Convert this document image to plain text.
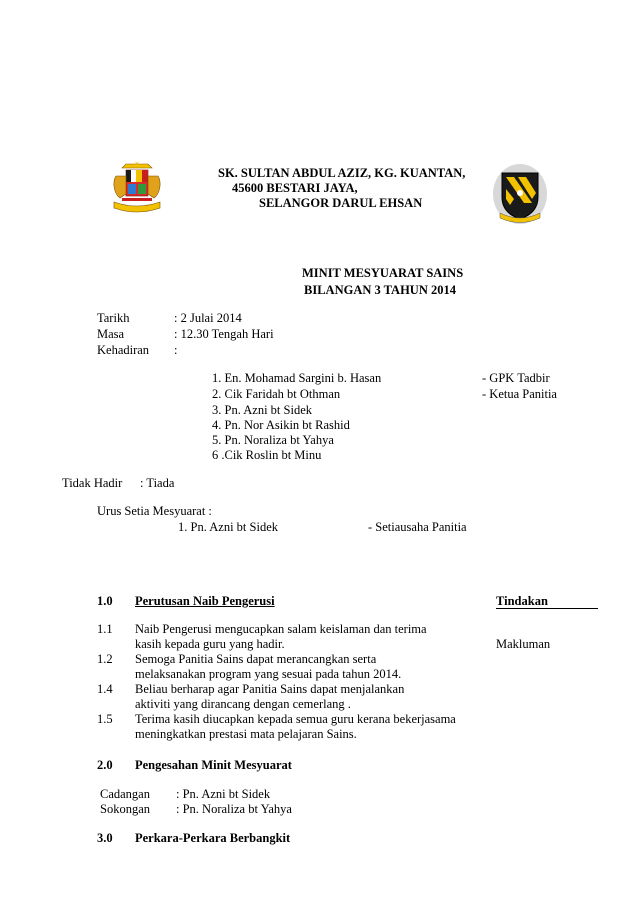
SK. SULTAN ABDUL AZIZ, KG. KUANTAN,
45600 BESTARI JAYA,
SELANGOR DARUL EHSAN
MINIT MESYUARAT SAINS
BILANGAN 3 TAHUN 2014
Tarikh	: 2 Julai 2014
Masa	: 12.30 Tengah Hari
Kehadiran :
1. En. Mohamad Sargini b. Hasan	- GPK Tadbir
2. Cik Faridah bt Othman	- Ketua Panitia
3. Pn. Azni bt Sidek
4. Pn. Nor Asikin bt Rashid
5. Pn. Noraliza bt Yahya
6 .Cik Roslin bt Minu
Tidak Hadir : Tiada
Urus Setia Mesyuarat :
1. Pn. Azni bt Sidek	- Setiausaha Panitia
1.0 Perutusan Naib Pengerusi	Tindakan
1.1 Naib Pengerusi mengucapkan salam keislaman dan terima
kasih kepada guru yang hadir.	Makluman
1.2 Semoga Panitia Sains dapat merancangkan serta
melaksanakan program yang sesuai pada tahun 2014.
1.4 Beliau berharap agar Panitia Sains dapat menjalankan
aktiviti yang dirancang dengan cemerlang .
1.5 Terima kasih diucapkan kepada semua guru kerana bekerjasama
meningkatkan prestasi mata pelajaran Sains.
2.0 Pengesahan Minit Mesyuarat
Cadangan : Pn. Azni bt Sidek
Sokongan : Pn. Noraliza bt Yahya
3.0 Perkara-Perkara Berbangkit
